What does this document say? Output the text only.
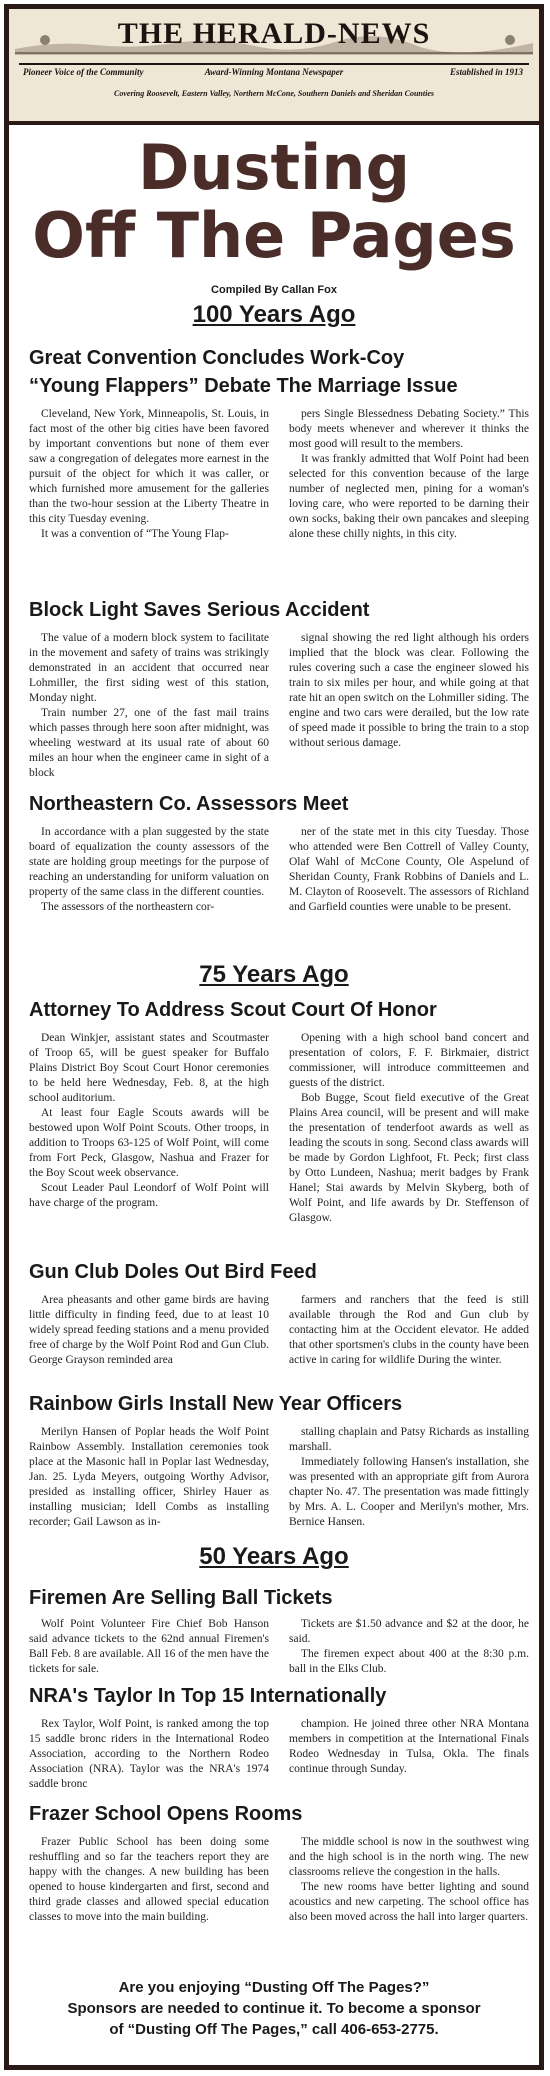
THE HERALD-NEWS
Pioneer Voice of the Community	Award-Winning Montana Newspaper	Established in 1913
Covering Roosevelt, Eastern Valley, Northern McCone, Southern Daniels and Sheridan Counties
Dusting
Off The Pages
Compiled By Callan Fox
100 Years Ago
Great Convention Concludes Work-Coy
“Young Flappers” Debate The Marriage Issue

Cleveland, New York, Minneapolis, St. Louis, in fact most of the other big cities have been favored by important conventions but none of them ever saw a congregation of delegates more earnest in the pursuit of the object for which it was caller, or which furnished more amusement for the galleries than the two-hour session at the Liberty Theatre in this city Tuesday evening.

It was a convention of “The Young Flap-

pers Single Blessedness Debating Society.” This body meets whenever and wherever it thinks the most good will result to the members.

It was frankly admitted that Wolf Point had been selected for this convention because of the large number of neglected men, pining for a woman's loving care, who were reported to be darning their own socks, baking their own pancakes and sleeping alone these chilly nights, in this city.

Block Light Saves Serious Accident

The value of a modern block system to facilitate in the movement and safety of trains was strikingly demonstrated in an accident that occurred near Lohmiller, the first siding west of this station, Monday night.

Train number 27, one of the fast mail trains which passes through here soon after midnight, was wheeling westward at its usual rate of about 60 miles an hour when the engineer came in sight of a block

signal showing the red light although his orders implied that the block was clear. Following the rules covering such a case the engineer slowed his train to six miles per hour, and while going at that rate hit an open switch on the Lohmiller siding. The engine and two cars were derailed, but the low rate of speed made it possible to bring the train to a stop without serious damage.

Northeastern Co. Assessors Meet

In accordance with a plan suggested by the state board of equalization the county assessors of the state are holding group meetings for the purpose of reaching an understanding for uniform valuation on property of the same class in the different counties.

The assessors of the northeastern cor-

ner of the state met in this city Tuesday. Those who attended were Ben Cottrell of Valley County, Olaf Wahl of McCone County, Ole Aspelund of Sheridan County, Frank Robbins of Daniels and L. M. Clayton of Roosevelt. The assessors of Richland and Garfield counties were unable to be present.

75 Years Ago
Attorney To Address Scout Court Of Honor

Dean Winkjer, assistant states and Scoutmaster of Troop 65, will be guest speaker for Buffalo Plains District Boy Scout Court Honor ceremonies to be held here Wednesday, Feb. 8, at the high school auditorium.

At least four Eagle Scouts awards will be bestowed upon Wolf Point Scouts. Other troops, in addition to Troops 63-125 of Wolf Point, will come from Fort Peck, Glasgow, Nashua and Frazer for the Boy Scout week observance.

Scout Leader Paul Leondorf of Wolf Point will have charge of the program.

Opening with a high school band concert and presentation of colors, F. F. Birkmaier, district commissioner, will introduce committeemen and guests of the district.

Bob Bugge, Scout field executive of the Great Plains Area council, will be present and will make the presentation of tenderfoot awards as well as leading the scouts in song. Second class awards will be made by Gordon Lighfoot, Ft. Peck; first class by Otto Lundeen, Nashua; merit badges by Frank Hanel; Stai awards by Melvin Skyberg, both of Wolf Point, and life awards by Dr. Steffenson of Glasgow.

Gun Club Doles Out Bird Feed

Area pheasants and other game birds are having little difficulty in finding feed, due to at least 10 widely spread feeding stations and a menu provided free of charge by the Wolf Point Rod and Gun Club. George Grayson reminded area

farmers and ranchers that the feed is still available through the Rod and Gun club by contacting him at the Occident elevator. He added that other sportsmen's clubs in the county have been active in caring for wildlife During the winter.

Rainbow Girls Install New Year Officers

Merilyn Hansen of Poplar heads the Wolf Point Rainbow Assembly. Installation ceremonies took place at the Masonic hall in Poplar last Wednesday, Jan. 25. Lyda Meyers, outgoing Worthy Advisor, presided as installing officer, Shirley Hauer as installing musician; Idell Combs as installing recorder; Gail Lawson as in-

stalling chaplain and Patsy Richards as installing marshall.

Immediately following Hansen's installation, she was presented with an appropriate gift from Aurora chapter No. 47. The presentation was made fittingly by Mrs. A. L. Cooper and Merilyn's mother, Mrs. Bernice Hansen.

50 Years Ago
Firemen Are Selling Ball Tickets

Wolf Point Volunteer Fire Chief Bob Hanson said advance tickets to the 62nd annual Firemen's Ball Feb. 8 are available. All 16 of the men have the tickets for sale.

Tickets are $1.50 advance and $2 at the door, he said.

The firemen expect about 400 at the 8:30 p.m. ball in the Elks Club.

NRA's Taylor In Top 15 Internationally

Rex Taylor, Wolf Point, is ranked among the top 15 saddle bronc riders in the International Rodeo Association, according to the Northern Rodeo Association (NRA). Taylor was the NRA's 1974 saddle bronc

champion. He joined three other NRA Montana members in competition at the International Finals Rodeo Wednesday in Tulsa, Okla. The finals continue through Sunday.

Frazer School Opens Rooms

Frazer Public School has been doing some reshuffling and so far the teachers report they are happy with the changes. A new building has been opened to house kindergarten and first, second and third grade classes and allowed special education classes to move into the main building.

The middle school is now in the southwest wing and the high school is in the north wing. The new classrooms relieve the congestion in the halls.

The new rooms have better lighting and sound acoustics and new carpeting. The school office has also been moved across the hall into larger quarters.

Are you enjoying “Dusting Off The Pages?”
Sponsors are needed to continue it. To become a sponsor
of “Dusting Off The Pages,” call 406-653-2775.
